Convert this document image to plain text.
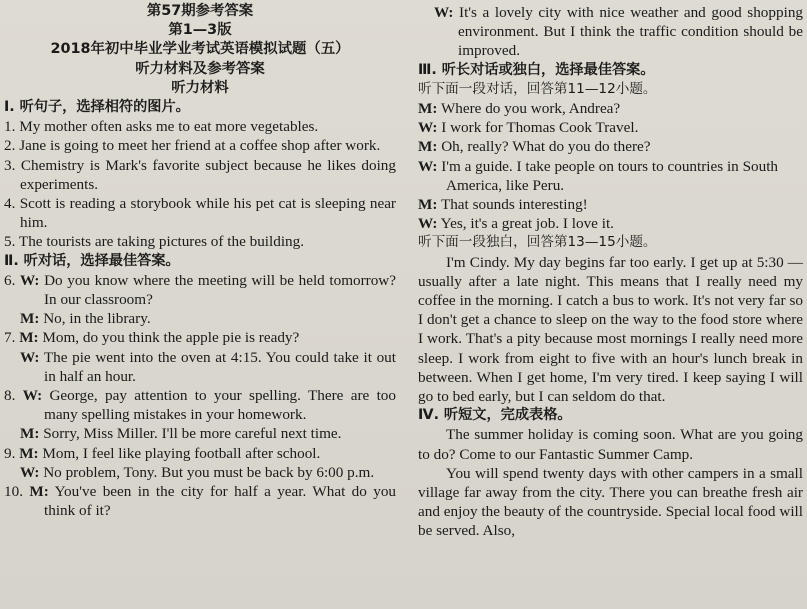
第57期参考答案
第1—3版
2018年初中毕业学业考试英语模拟试题（五）
听力材料及参考答案
听力材料
Ⅰ. 听句子，选择相符的图片。
1. My mother often asks me to eat more vegetables.
2. Jane is going to meet her friend at a coffee shop after work.
3. Chemistry is Mark's favorite subject because he likes doing experiments.
4. Scott is reading a storybook while his pet cat is sleeping near him.
5. The tourists are taking pictures of the building.
Ⅱ. 听对话，选择最佳答案。
6. W: Do you know where the meeting will be held tomorrow? In our classroom?
M: No, in the library.
7. M: Mom, do you think the apple pie is ready?
W: The pie went into the oven at 4:15. You could take it out in half an hour.
8. W: George, pay attention to your spelling. There are too many spelling mistakes in your homework.
M: Sorry, Miss Miller. I'll be more careful next time.
9. M: Mom, I feel like playing football after school.
W: No problem, Tony. But you must be back by 6:00 p.m.
10. M: You've been in the city for half a year. What do you think of it?
W: It's a lovely city with nice weather and good shopping environment. But I think the traffic condition should be improved.
Ⅲ. 听长对话或独白，选择最佳答案。
听下面一段对话，回答第11—12小题。
M: Where do you work, Andrea?
W: I work for Thomas Cook Travel.
M: Oh, really? What do you do there?
W: I'm a guide. I take people on tours to countries in South America, like Peru.
M: That sounds interesting!
W: Yes, it's a great job. I love it.
听下面一段独白，回答第13—15小题。
I'm Cindy. My day begins far too early. I get up at 5:30 — usually after a late night. This means that I really need my coffee in the morning. I catch a bus to work. It's not very far so I don't get a chance to sleep on the way to the food store where I work. That's a pity because most mornings I really need more sleep. I work from eight to five with an hour's lunch break in between. When I get home, I'm very tired. I keep saying I will go to bed early, but I can seldom do that.
Ⅳ. 听短文，完成表格。
The summer holiday is coming soon. What are you going to do? Come to our Fantastic Summer Camp.
You will spend twenty days with other campers in a small village far away from the city. There you can breathe fresh air and enjoy the beauty of the countryside. Special local food will be served. Also,
